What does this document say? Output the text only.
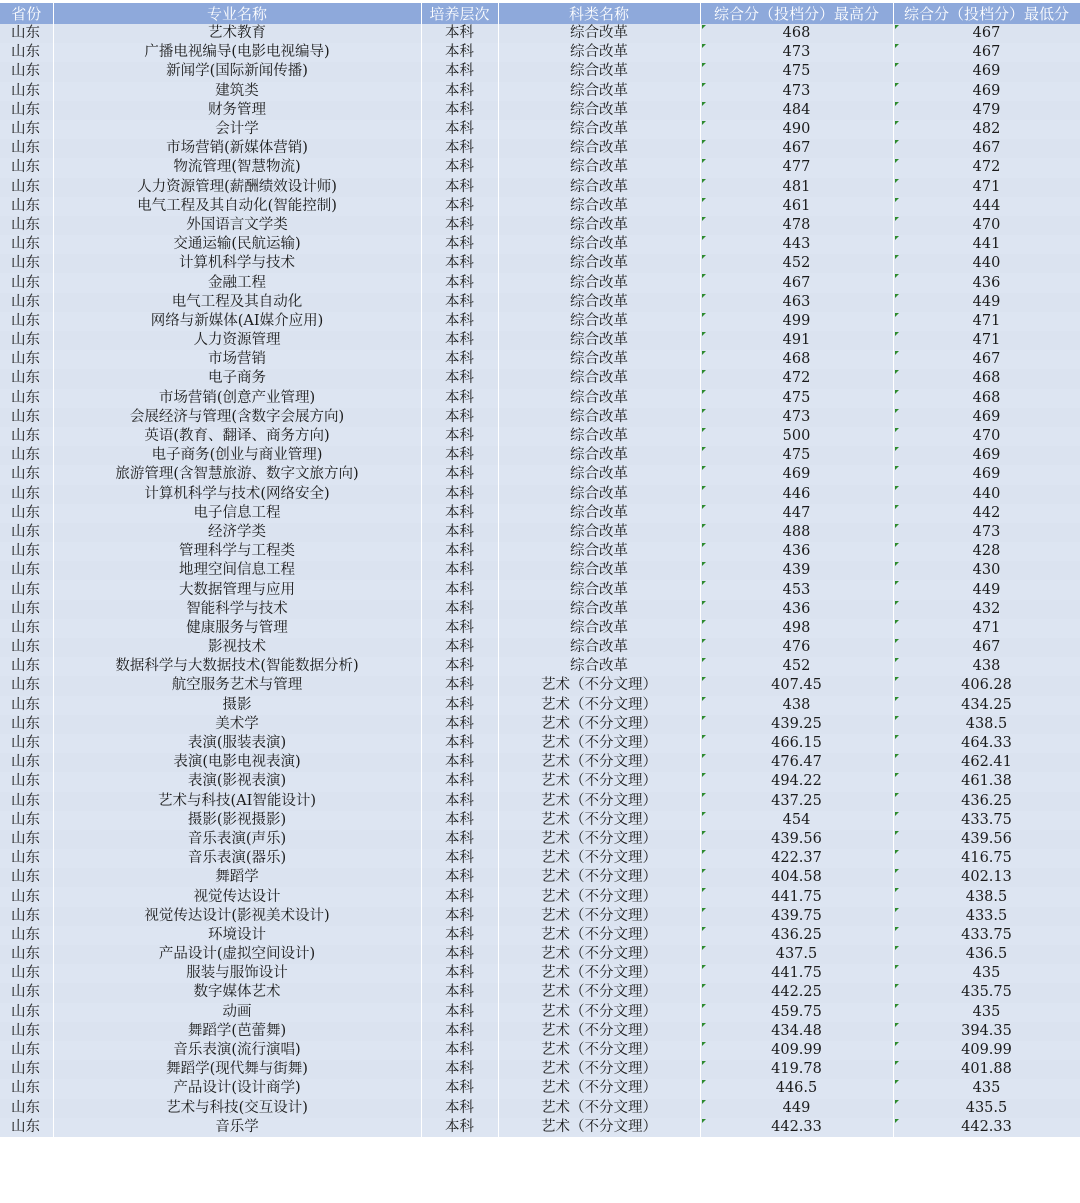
省份	专业名称	培养层次	科类名称	综合分（投档分）最高分	综合分（投档分）最低分
山东	艺术教育	本科	综合改革	468	467
山东	广播电视编导(电影电视编导)	本科	综合改革	473	467
山东	新闻学(国际新闻传播)	本科	综合改革	475	469
山东	建筑类	本科	综合改革	473	469
山东	财务管理	本科	综合改革	484	479
山东	会计学	本科	综合改革	490	482
山东	市场营销(新媒体营销)	本科	综合改革	467	467
山东	物流管理(智慧物流)	本科	综合改革	477	472
山东	人力资源管理(薪酬绩效设计师)	本科	综合改革	481	471
山东	电气工程及其自动化(智能控制)	本科	综合改革	461	444
山东	外国语言文学类	本科	综合改革	478	470
山东	交通运输(民航运输)	本科	综合改革	443	441
山东	计算机科学与技术	本科	综合改革	452	440
山东	金融工程	本科	综合改革	467	436
山东	电气工程及其自动化	本科	综合改革	463	449
山东	网络与新媒体(AI媒介应用)	本科	综合改革	499	471
山东	人力资源管理	本科	综合改革	491	471
山东	市场营销	本科	综合改革	468	467
山东	电子商务	本科	综合改革	472	468
山东	市场营销(创意产业管理)	本科	综合改革	475	468
山东	会展经济与管理(含数字会展方向)	本科	综合改革	473	469
山东	英语(教育、翻译、商务方向)	本科	综合改革	500	470
山东	电子商务(创业与商业管理)	本科	综合改革	475	469
山东	旅游管理(含智慧旅游、数字文旅方向)	本科	综合改革	469	469
山东	计算机科学与技术(网络安全)	本科	综合改革	446	440
山东	电子信息工程	本科	综合改革	447	442
山东	经济学类	本科	综合改革	488	473
山东	管理科学与工程类	本科	综合改革	436	428
山东	地理空间信息工程	本科	综合改革	439	430
山东	大数据管理与应用	本科	综合改革	453	449
山东	智能科学与技术	本科	综合改革	436	432
山东	健康服务与管理	本科	综合改革	498	471
山东	影视技术	本科	综合改革	476	467
山东	数据科学与大数据技术(智能数据分析)	本科	综合改革	452	438
山东	航空服务艺术与管理	本科	艺术（不分文理）	407.45	406.28
山东	摄影	本科	艺术（不分文理）	438	434.25
山东	美术学	本科	艺术（不分文理）	439.25	438.5
山东	表演(服装表演)	本科	艺术（不分文理）	466.15	464.33
山东	表演(电影电视表演)	本科	艺术（不分文理）	476.47	462.41
山东	表演(影视表演)	本科	艺术（不分文理）	494.22	461.38
山东	艺术与科技(AI智能设计)	本科	艺术（不分文理）	437.25	436.25
山东	摄影(影视摄影)	本科	艺术（不分文理）	454	433.75
山东	音乐表演(声乐)	本科	艺术（不分文理）	439.56	439.56
山东	音乐表演(器乐)	本科	艺术（不分文理）	422.37	416.75
山东	舞蹈学	本科	艺术（不分文理）	404.58	402.13
山东	视觉传达设计	本科	艺术（不分文理）	441.75	438.5
山东	视觉传达设计(影视美术设计)	本科	艺术（不分文理）	439.75	433.5
山东	环境设计	本科	艺术（不分文理）	436.25	433.75
山东	产品设计(虚拟空间设计)	本科	艺术（不分文理）	437.5	436.5
山东	服装与服饰设计	本科	艺术（不分文理）	441.75	435
山东	数字媒体艺术	本科	艺术（不分文理）	442.25	435.75
山东	动画	本科	艺术（不分文理）	459.75	435
山东	舞蹈学(芭蕾舞)	本科	艺术（不分文理）	434.48	394.35
山东	音乐表演(流行演唱)	本科	艺术（不分文理）	409.99	409.99
山东	舞蹈学(现代舞与街舞)	本科	艺术（不分文理）	419.78	401.88
山东	产品设计(设计商学)	本科	艺术（不分文理）	446.5	435
山东	艺术与科技(交互设计)	本科	艺术（不分文理）	449	435.5
山东	音乐学	本科	艺术（不分文理）	442.33	442.33
